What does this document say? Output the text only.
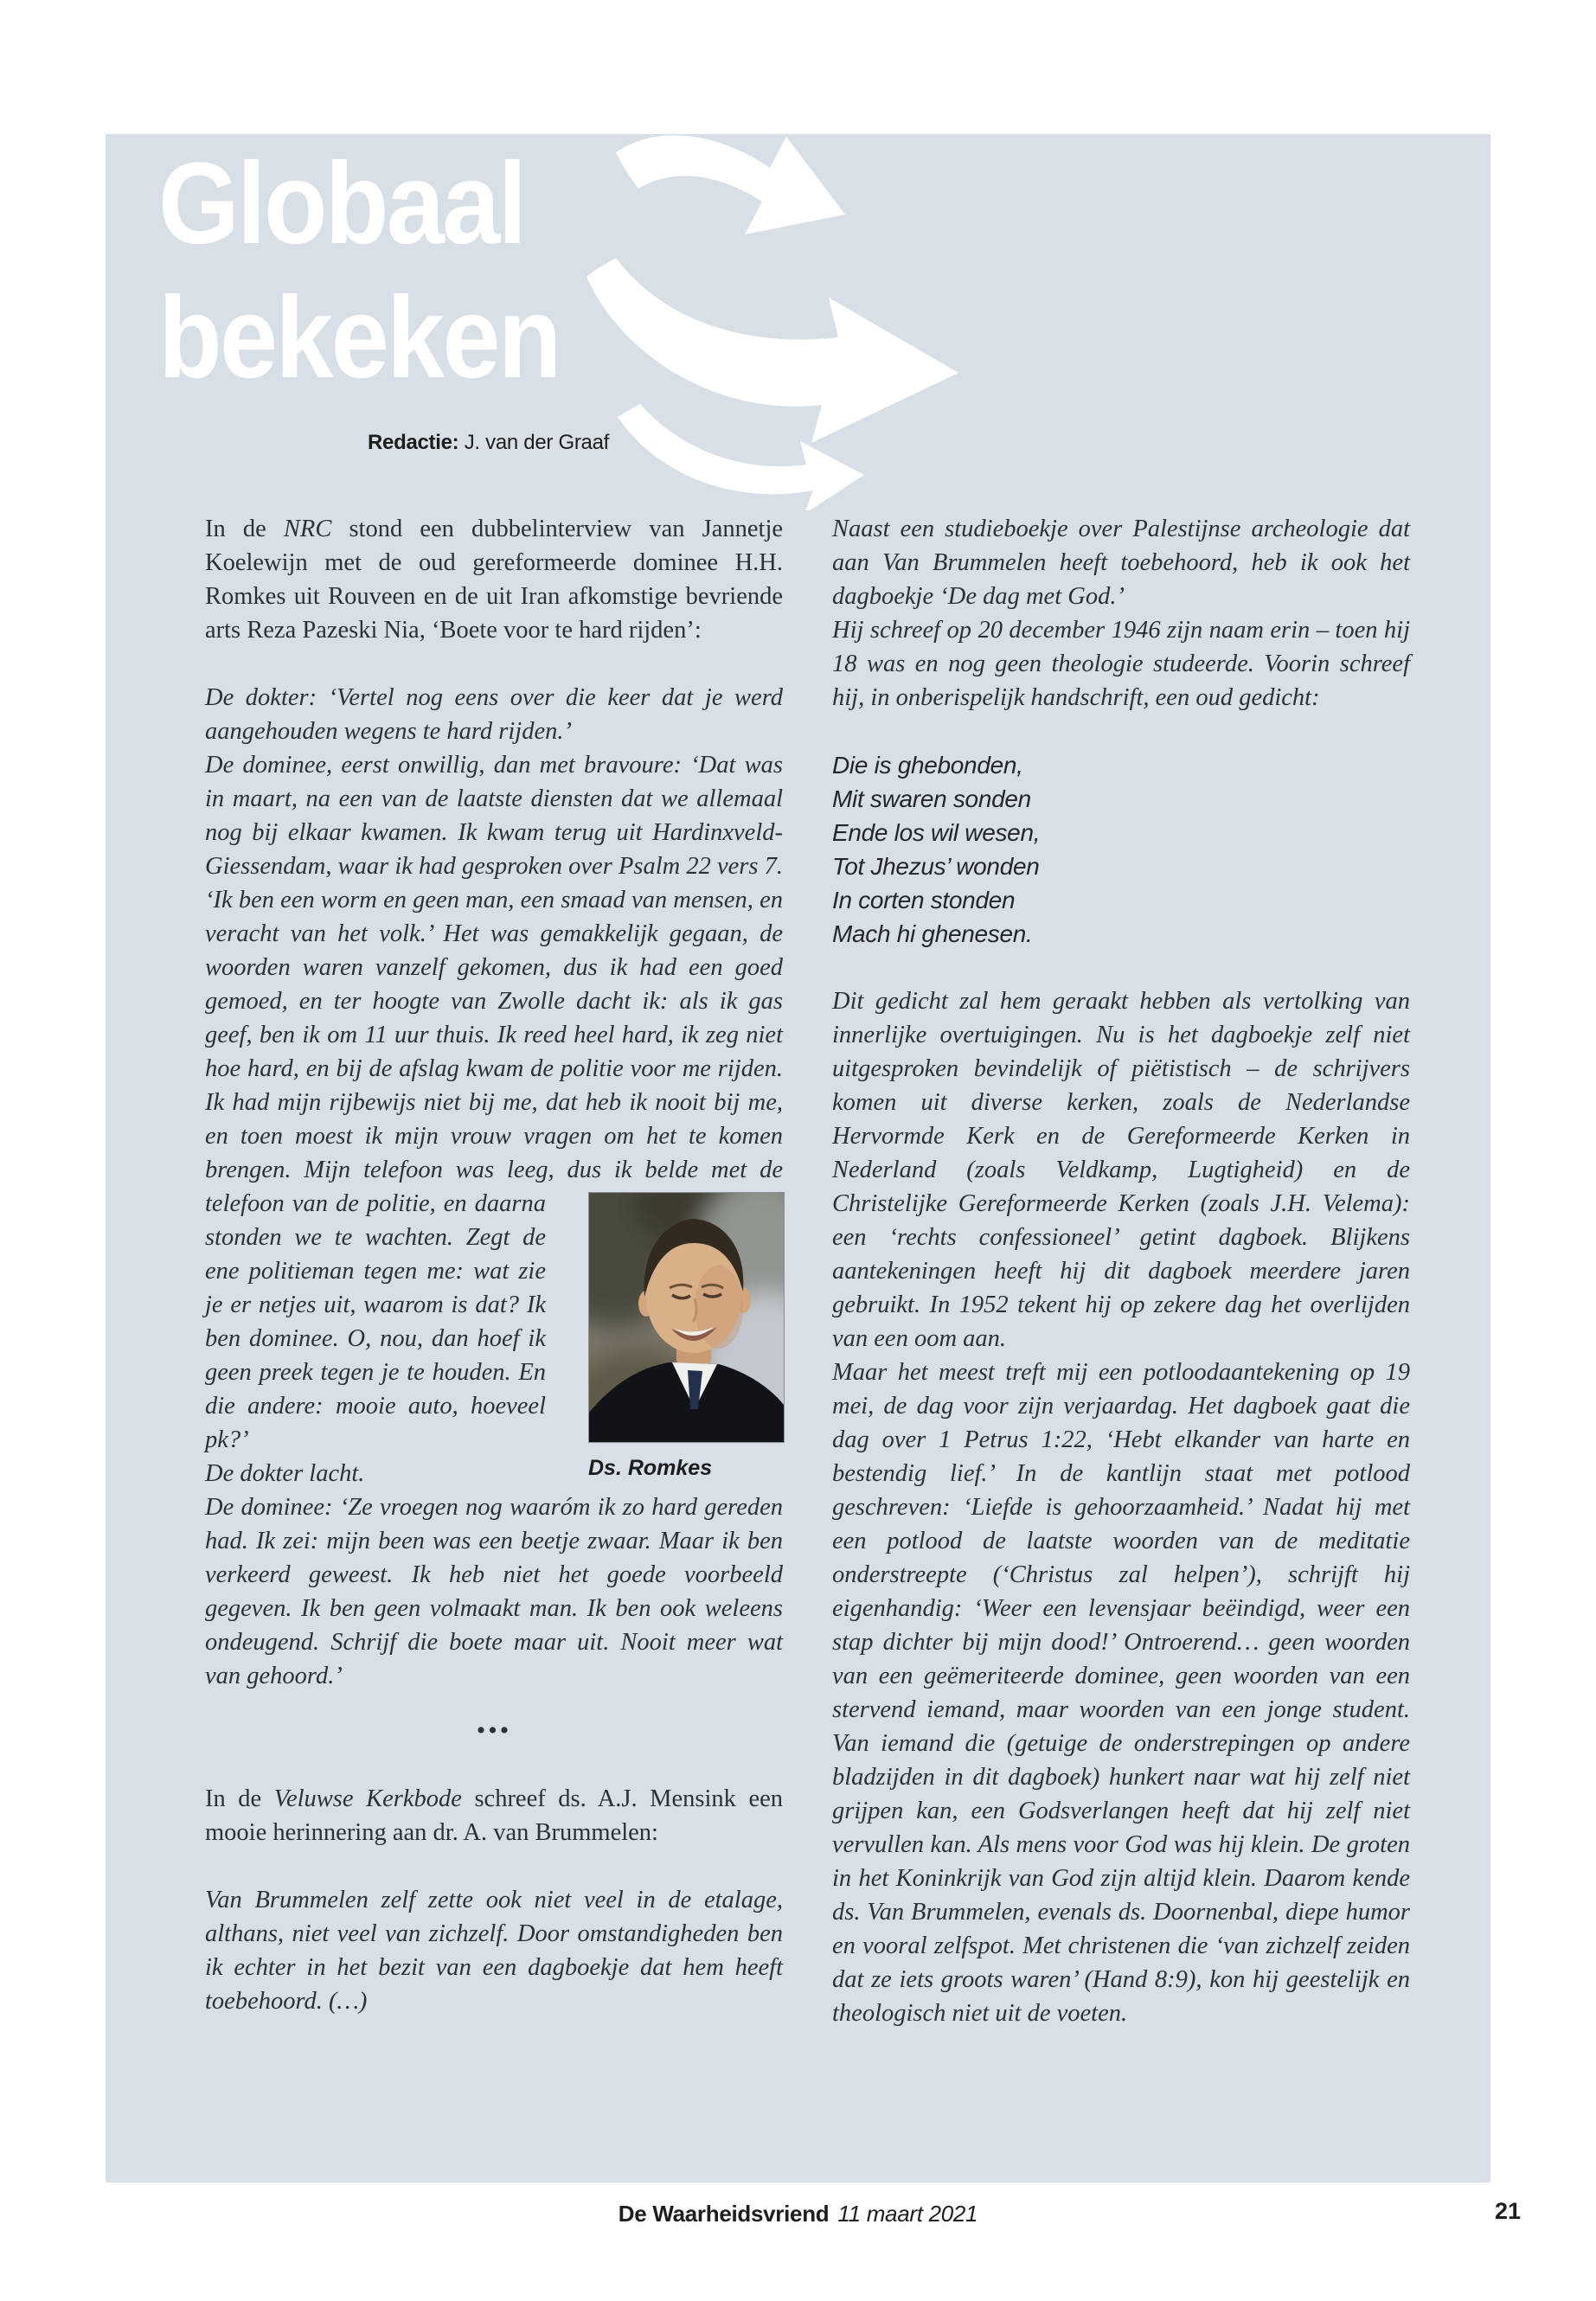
Globaal
bekeken
Redactie: J. van der Graaf

In de NRC stond een dubbelinterview van Jannetje Koelewijn met de oud gereformeerde dominee H.H. Romkes uit Rouveen en de uit Iran afkomstige bevriende arts Reza Pazeski Nia, ‘Boete voor te hard rijden’:

De dokter: ‘Vertel nog eens over die keer dat je werd aangehouden wegens te hard rijden.’

De dominee, eerst onwillig, dan met bravoure: ‘Dat was in maart, na een van de laatste diensten dat we allemaal nog bij elkaar kwamen. Ik kwam terug uit Hardinxveld-Giessendam, waar ik had gesproken over Psalm 22 vers 7. ‘Ik ben een worm en geen man, een smaad van mensen, en veracht van het volk.’ Het was gemakkelijk gegaan, de woorden waren vanzelf gekomen, dus ik had een goed gemoed, en ter hoogte van Zwolle dacht ik: als ik gas geef, ben ik om 11 uur thuis. Ik reed heel hard, ik zeg niet hoe hard, en bij de afslag kwam de politie voor me rijden. Ik had mijn rijbewijs niet bij me, dat heb ik nooit bij me, en toen moest ik mijn vrouw vragen om het te komen brengen. Mijn telefoon was leeg, dus ik belde met de telefoon
Ds. Romkes
van de politie, en daarna stonden we te wachten. Zegt de ene politieman tegen me: wat zie je er netjes uit, waarom is dat? Ik ben dominee. O, nou, dan hoef ik geen preek tegen je te houden. En die andere: mooie auto, hoeveel pk?’

De dokter lacht.

De dominee: ‘Ze vroegen nog waaróm ik zo hard gereden had. Ik zei: mijn been was een beetje zwaar. Maar ik ben verkeerd geweest. Ik heb niet het goede voorbeeld gegeven. Ik ben geen volmaakt man. Ik ben ook weleens ondeugend. Schrijf die boete maar uit. Nooit meer wat van gehoord.’

•••

In de Veluwse Kerkbode schreef ds. A.J. Mensink een mooie herinnering aan dr. A. van Brummelen:

Van Brummelen zelf zette ook niet veel in de etalage, althans, niet veel van zichzelf. Door omstandigheden ben ik echter in het bezit van een dagboekje dat hem heeft toebehoord. (…)

Naast een studieboekje over Palestijnse archeologie dat aan Van Brummelen heeft toebehoord, heb ik ook het dagboekje ‘De dag met God.’

Hij schreef op 20 december 1946 zijn naam erin – toen hij 18 was en nog geen theologie studeerde. Voorin schreef hij, in onberispelijk handschrift, een oud gedicht:

Die is ghebonden,
Mit swaren sonden
Ende los wil wesen,
Tot Jhezus’ wonden
In corten stonden
Mach hi ghenesen.

Dit gedicht zal hem geraakt hebben als vertolking van innerlijke overtuigingen. Nu is het dagboekje zelf niet uitgesproken bevindelijk of piëtistisch – de schrijvers komen uit diverse kerken, zoals de Nederlandse Hervormde Kerk en de Gereformeerde Kerken in Nederland (zoals Veldkamp, Lugtigheid) en de Christelijke Gereformeerde Kerken (zoals J.H. Velema): een ‘rechts confessioneel’ getint dagboek. Blijkens aantekeningen heeft hij dit dagboek meerdere jaren gebruikt. In 1952 tekent hij op zekere dag het overlijden van een oom aan.

Maar het meest treft mij een potloodaantekening op 19 mei, de dag voor zijn verjaardag. Het dagboek gaat die dag over 1 Petrus 1:22, ‘Hebt elkander van harte en bestendig lief.’ In de kantlijn staat met potlood geschreven: ‘Liefde is gehoorzaamheid.’ Nadat hij met een potlood de laatste woorden van de meditatie onderstreepte (‘Christus zal helpen’), schrijft hij eigenhandig: ‘Weer een levensjaar beëindigd, weer een stap dichter bij mijn dood!’ Ontroerend… geen woorden van een geëmeriteerde dominee, geen woorden van een stervend iemand, maar woorden van een jonge student. Van iemand die (getuige de onderstrepingen op andere bladzijden in dit dagboek) hunkert naar wat hij zelf niet grijpen kan, een Godsverlangen heeft dat hij zelf niet vervullen kan. Als mens voor God was hij klein. De groten in het Koninkrijk van God zijn altijd klein. Daarom kende ds. Van Brummelen, evenals ds. Doornenbal, diepe humor en vooral zelfspot. Met christenen die ‘van zichzelf zeiden dat ze iets groots waren’ (Hand 8:9), kon hij geestelijk en theologisch niet uit de voeten.

De Waarheidsvriend 11 maart 2021	21
